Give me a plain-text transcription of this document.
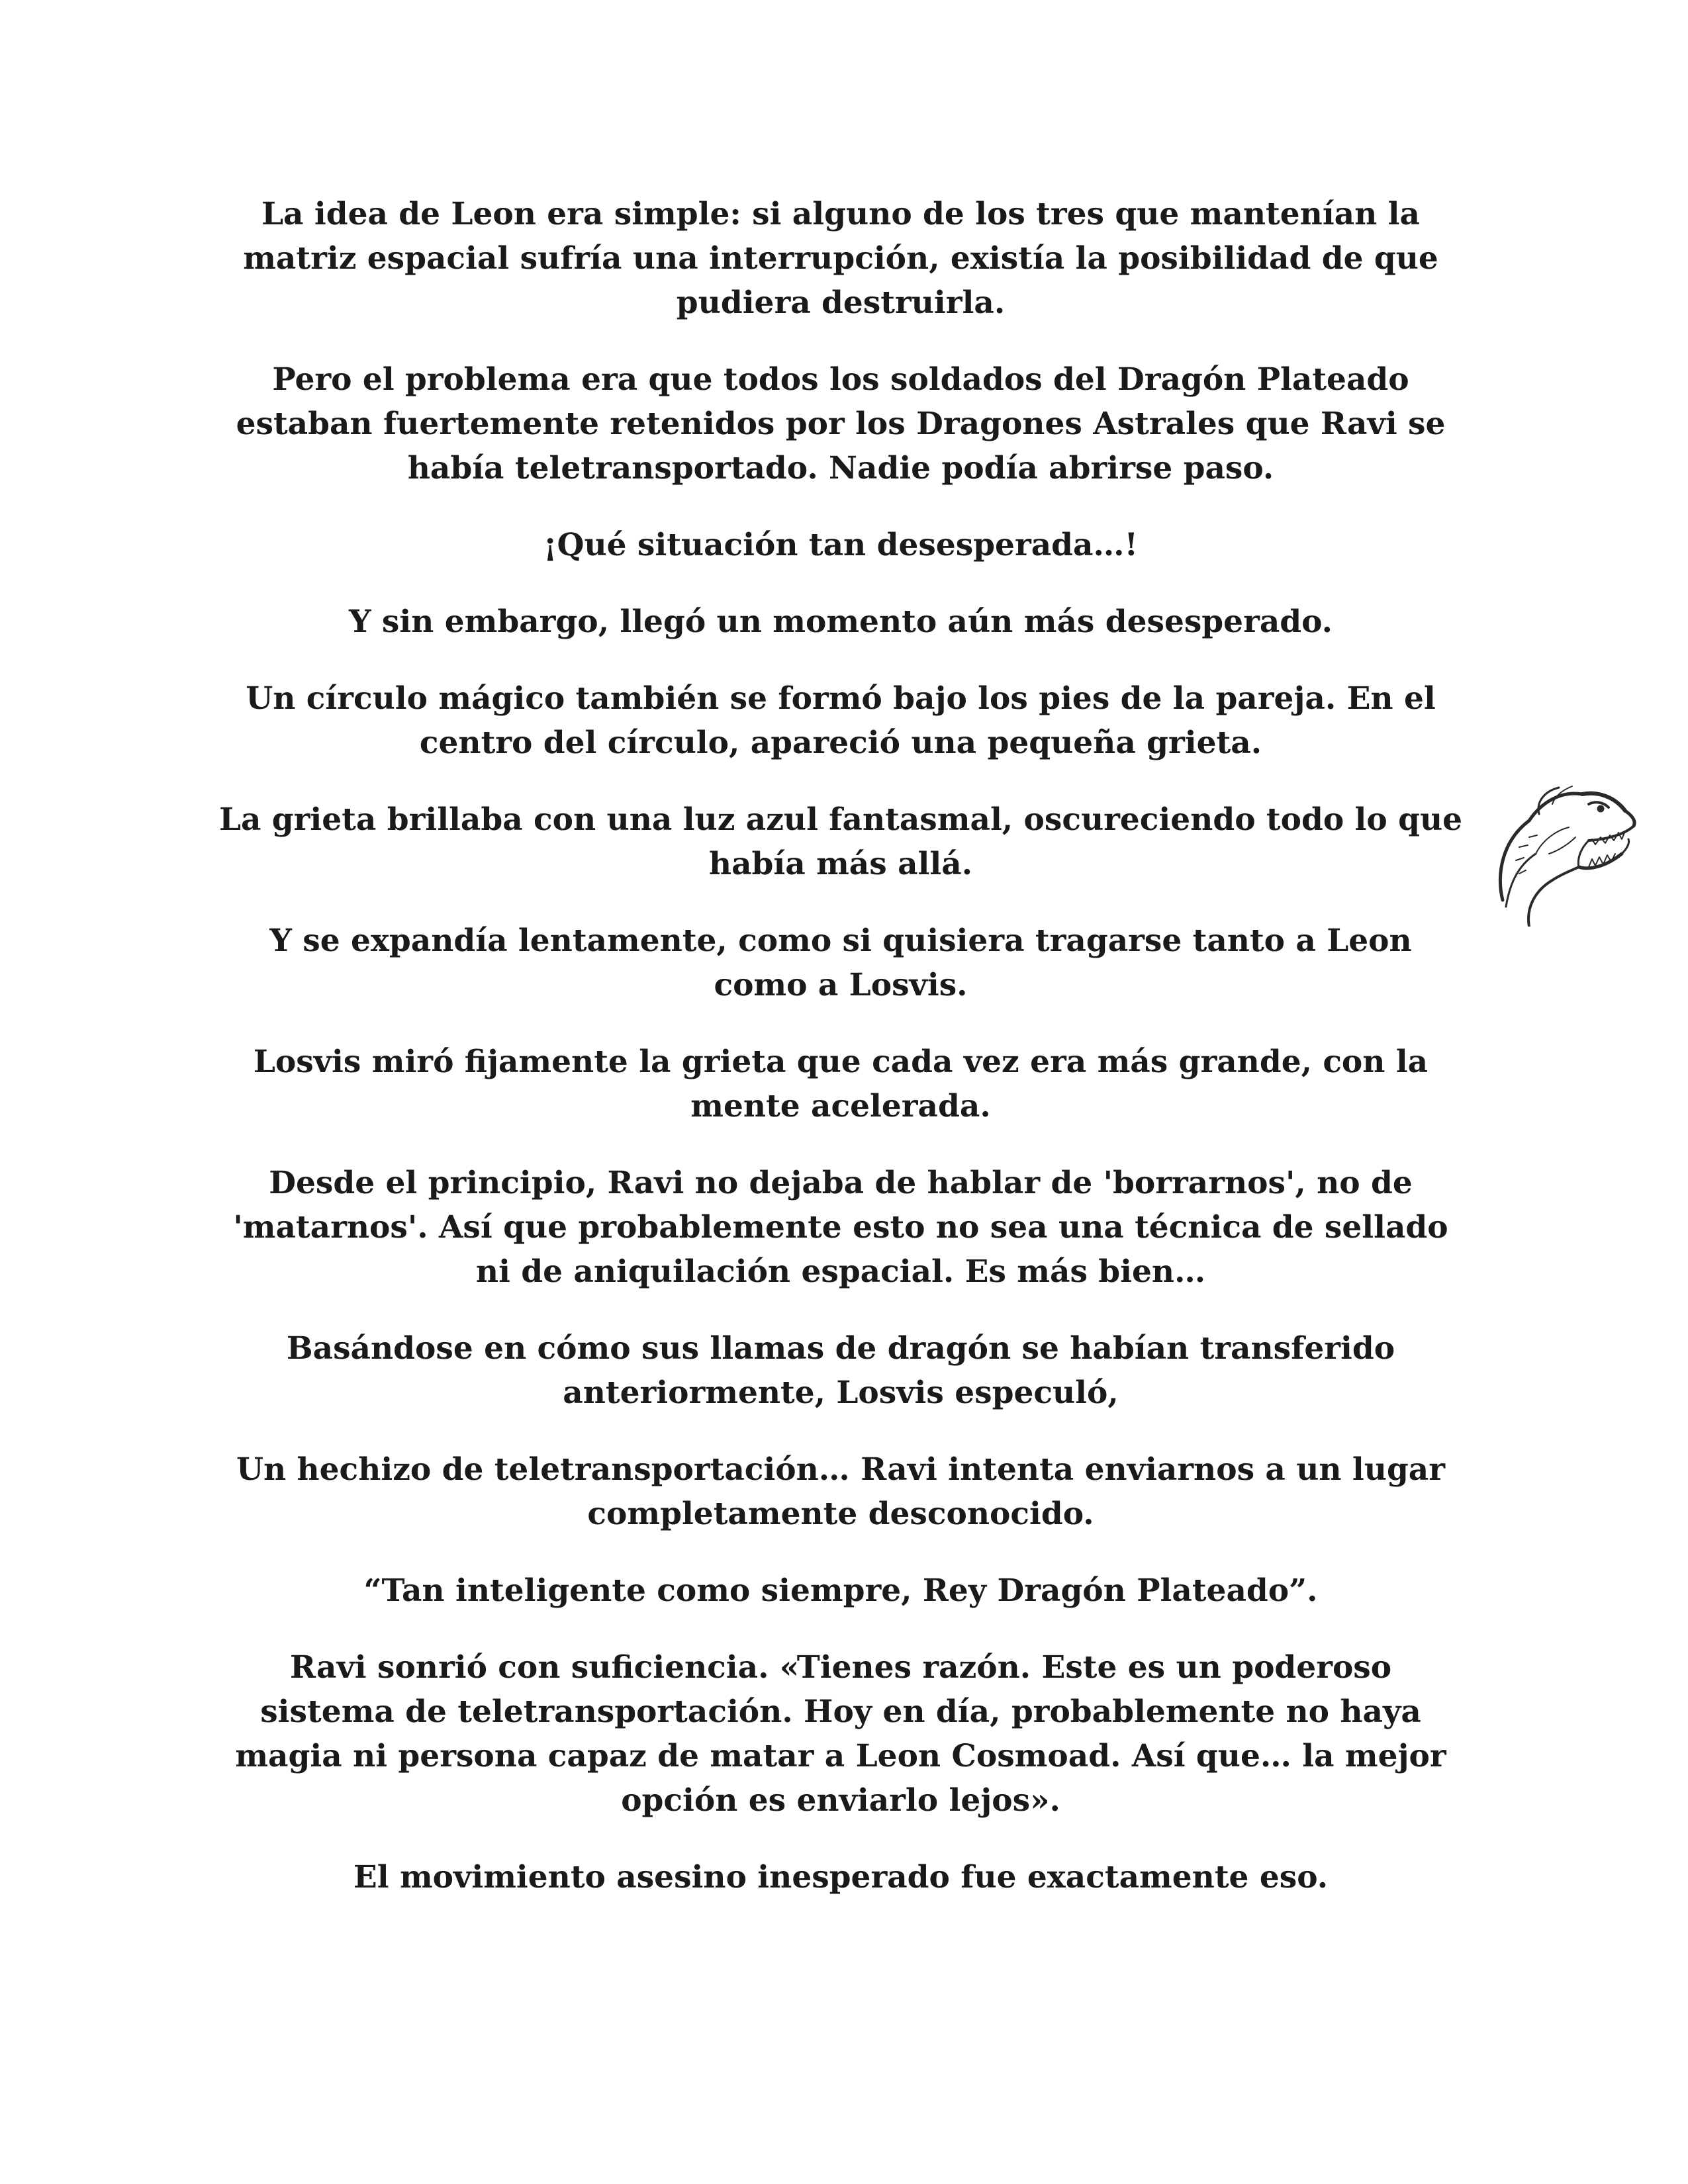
La idea de Leon era simple: si alguno de los tres que mantenían la matriz espacial sufría una interrupción, existía la posibilidad de que pudiera destruirla.

Pero el problema era que todos los soldados del Dragón Plateado estaban fuertemente retenidos por los Dragones Astrales que Ravi se había teletransportado. Nadie podía abrirse paso.

¡Qué situación tan desesperada…!

Y sin embargo, llegó un momento aún más desesperado.

Un círculo mágico también se formó bajo los pies de la pareja. En el centro del círculo, apareció una pequeña grieta.

La grieta brillaba con una luz azul fantasmal, oscureciendo todo lo que había más allá.

Y se expandía lentamente, como si quisiera tragarse tanto a Leon como a Losvis.

Losvis miró fijamente la grieta que cada vez era más grande, con la mente acelerada.

Desde el principio, Ravi no dejaba de hablar de 'borrarnos', no de 'matarnos'. Así que probablemente esto no sea una técnica de sellado ni de aniquilación espacial. Es más bien…

Basándose en cómo sus llamas de dragón se habían transferido anteriormente, Losvis especuló,

Un hechizo de teletransportación… Ravi intenta enviarnos a un lugar completamente desconocido.

“Tan inteligente como siempre, Rey Dragón Plateado”.

Ravi sonrió con suficiencia. «Tienes razón. Este es un poderoso sistema de teletransportación. Hoy en día, probablemente no haya magia ni persona capaz de matar a Leon Cosmoad. Así que… la mejor opción es enviarlo lejos».

El movimiento asesino inesperado fue exactamente eso.
